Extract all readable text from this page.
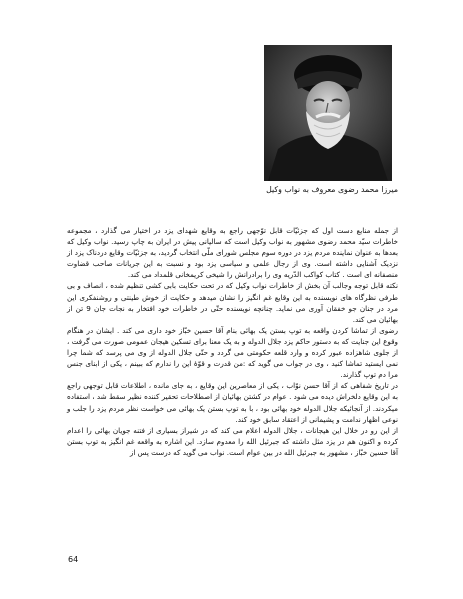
میرزا محمد رضوی معروف به نواب وکیل

از جمله منابع دست اول که جزئیّات قابل توّجهی راجع به وقایع شهدای یزد در اختیار می گذارد ، مجموعه خاطرات سیّد محمد رضوی مشهور به نواب وکیل است که سالیانی پیش در ایران به چاپ رسید. نواب وکیل که بعدها به عنوان نماینده مردم یزد در دوره سوم مجلس شورای ملّی انتخاب گردید، به جزئیّات وقایع دردناک یزد از نزدیک آشنایی داشته است. وی از رجال علمی و سیاسی یزد بود و نسبت به این جریانات صاحب قضاوت منصفانه ای است . کتاب کواکب الدّریه وی را برادرانش را شیخی کریمخانی قلمداد می کند.

نکته قابل توجه وجالب آن بخش از خاطرات نواب وکیل که در تحت حکایت بابی کشی تنظیم شده ، انصاف و بی طرفی نظرگاه های نویسنده به این وقایع غم انگیز را نشان میدهد و حکایت از خوش طینتی و روشنفکری این مرد در جنان جو خفقان آوری می نماید. چنانچه نویسنده حتّی در خاطرات خود افتخار به نجات جان 9 تن از بهائیان می کند.

رضوی از تماشا کردن واقعه به توپ بستن یک بهائی بنام آقا حسین خبّاز خود داری می کند . ایشان در هنگام وقوع این جنایت که به دستور حاکم یزد جلال الدوله و به یک معنا برای تسکین هیجان عمومی صورت می گرفت ، از جلوی شاهزاده عبور کرده و وارد قلعه حکومتی می گردد و حتّی جلال الدوله از وی می پرسد که شما چرا نمی ایستید تماشا کنید ، وی در جواب می گوید که :من قدرت و قوّهٔ این را ندارم که ببینم ، یکی از ابنای جنس مرا دم توپ گذارند.

در تاریخ شفاهی که از آقا حسن نوّاب ، یکی از معاصرین این وقایع ، به جای مانده ، اطلاعات قابل توجهی راجع به این وقایع دلخراش دیده می شود . عوام در کشتن بهائیان از اصطلاحات تحقیر کننده نظیر سقط شد ، استفاده میکردند. از آنجائیکه جلال الدوله خود بهائی بود ، با به توپ بستن یک بهائی می خواست نظر مردم یزد را جلب و نوعی اظهار ندامت و پشیمانی از اعتقاد سابق خود کند.

از این رو در خلال این هیجانات ، جلال الدوله اعلام می کند که در شیراز بسیاری از فتنه جویان بهائی را اعدام کرده و اکنون هم در یزد مثل داشته که جبرئیل الله را معدوم سازد. این اشاره به واقعه غم انگیز به توپ بستن آقا حسین خبّاز ، مشهور به جبرئیل الله در بین عوام است. نواب می گوید که درست پس از

64
